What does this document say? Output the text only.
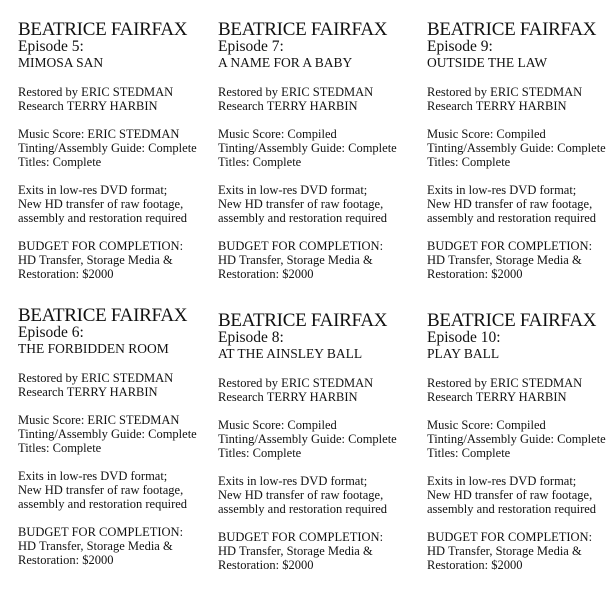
BEATRICE FAIRFAX
Episode 5:
MIMOSA SAN
Restored by ERIC STEDMAN
Research TERRY HARBIN
Music Score: ERIC STEDMAN
Tinting/Assembly Guide: Complete
Titles: Complete
Exits in low-res DVD format;
New HD transfer of raw footage,
assembly and restoration required
BUDGET FOR COMPLETION:
HD Transfer, Storage Media &
Restoration: $2000
BEATRICE FAIRFAX
Episode 7:
A NAME FOR A BABY
Restored by ERIC STEDMAN
Research TERRY HARBIN
Music Score: Compiled
Tinting/Assembly Guide: Complete
Titles: Complete
Exits in low-res DVD format;
New HD transfer of raw footage,
assembly and restoration required
BUDGET FOR COMPLETION:
HD Transfer, Storage Media &
Restoration: $2000
BEATRICE FAIRFAX
Episode 9:
OUTSIDE THE LAW
Restored by ERIC STEDMAN
Research TERRY HARBIN
Music Score: Compiled
Tinting/Assembly Guide: Complete
Titles: Complete
Exits in low-res DVD format;
New HD transfer of raw footage,
assembly and restoration required
BUDGET FOR COMPLETION:
HD Transfer, Storage Media &
Restoration: $2000
BEATRICE FAIRFAX
Episode 6:
THE FORBIDDEN ROOM
Restored by ERIC STEDMAN
Research TERRY HARBIN
Music Score: ERIC STEDMAN
Tinting/Assembly Guide: Complete
Titles: Complete
Exits in low-res DVD format;
New HD transfer of raw footage,
assembly and restoration required
BUDGET FOR COMPLETION:
HD Transfer, Storage Media &
Restoration: $2000
BEATRICE FAIRFAX
Episode 8:
AT THE AINSLEY BALL
Restored by ERIC STEDMAN
Research TERRY HARBIN
Music Score: Compiled
Tinting/Assembly Guide: Complete
Titles: Complete
Exits in low-res DVD format;
New HD transfer of raw footage,
assembly and restoration required
BUDGET FOR COMPLETION:
HD Transfer, Storage Media &
Restoration: $2000
BEATRICE FAIRFAX
Episode 10:
PLAY BALL
Restored by ERIC STEDMAN
Research TERRY HARBIN
Music Score: Compiled
Tinting/Assembly Guide: Complete
Titles: Complete
Exits in low-res DVD format;
New HD transfer of raw footage,
assembly and restoration required
BUDGET FOR COMPLETION:
HD Transfer, Storage Media &
Restoration: $2000
